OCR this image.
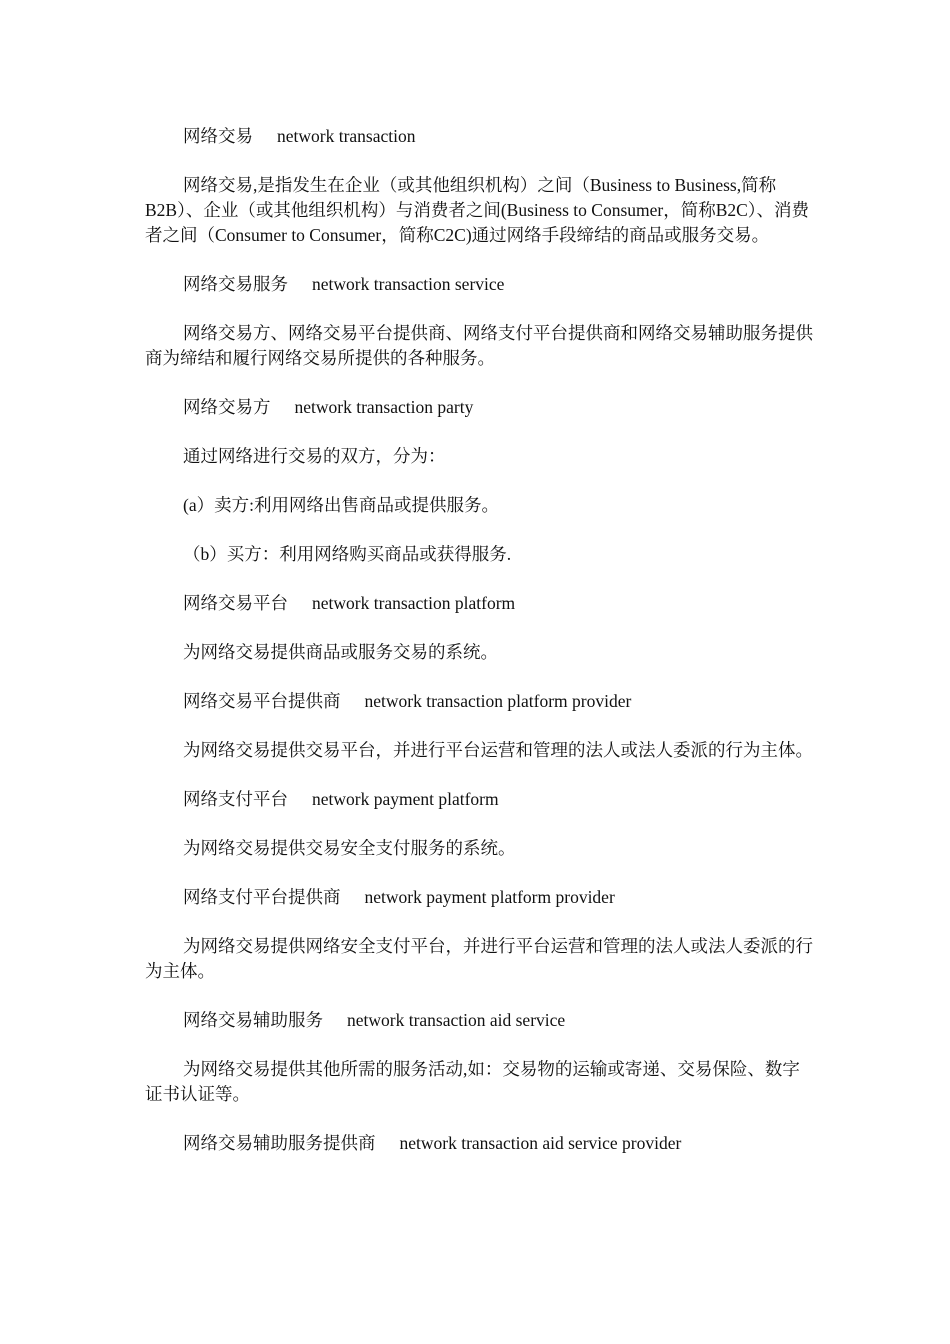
网络交易 network transaction

网络交易,是指发生在企业（或其他组织机构）之间（Business to Business,简称B2B）、企业（或其他组织机构）与消费者之间(Business to Consumer，简称B2C）、消费者之间（Consumer to Consumer，简称C2C)通过网络手段缔结的商品或服务交易。

网络交易服务 network transaction service

网络交易方、网络交易平台提供商、网络支付平台提供商和网络交易辅助服务提供商为缔结和履行网络交易所提供的各种服务。

网络交易方 network transaction party

通过网络进行交易的双方，分为：

(a）卖方:利用网络出售商品或提供服务。

（b）买方：利用网络购买商品或获得服务.

网络交易平台 network transaction platform

为网络交易提供商品或服务交易的系统。

网络交易平台提供商 network transaction platform provider

为网络交易提供交易平台，并进行平台运营和管理的法人或法人委派的行为主体。

网络支付平台 network payment platform

为网络交易提供交易安全支付服务的系统。

网络支付平台提供商 network payment platform provider

为网络交易提供网络安全支付平台，并进行平台运营和管理的法人或法人委派的行为主体。

网络交易辅助服务 network transaction aid service

为网络交易提供其他所需的服务活动,如：交易物的运输或寄递、交易保险、数字证书认证等。

网络交易辅助服务提供商 network transaction aid service provider
